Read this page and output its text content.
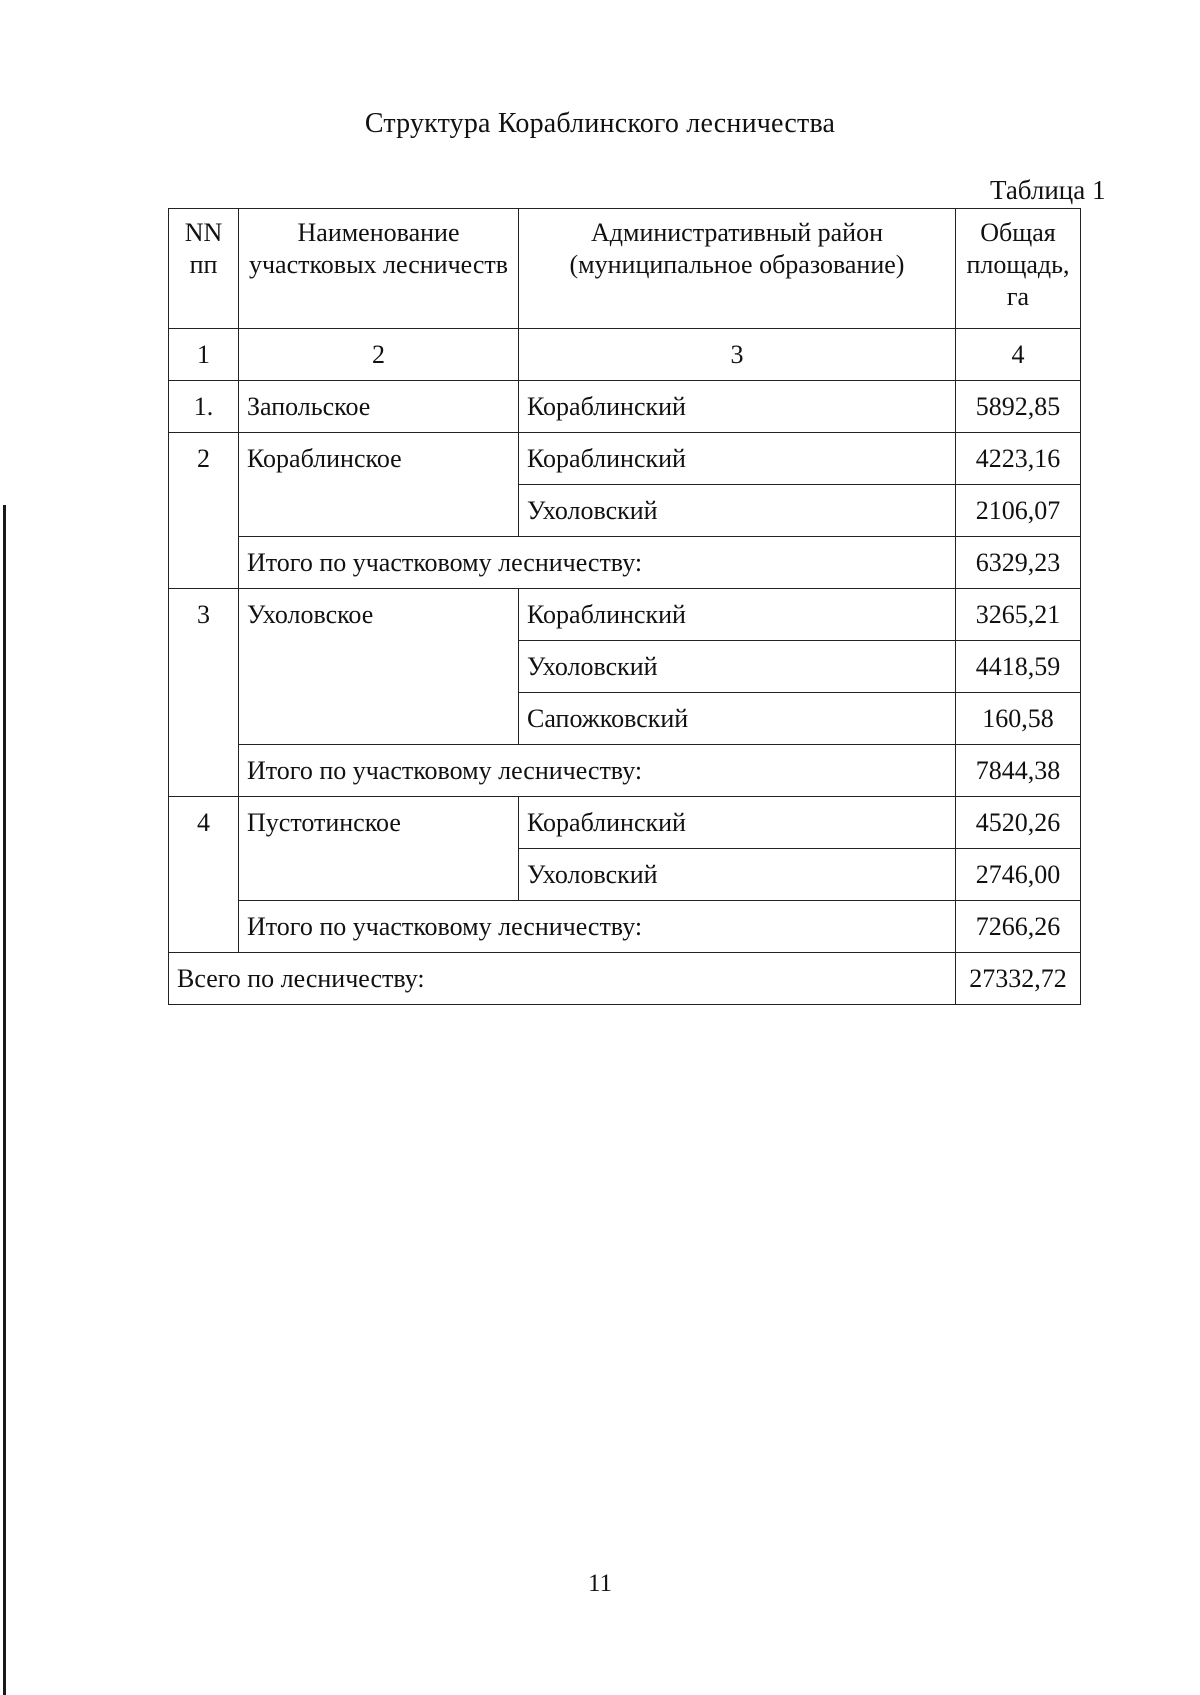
Структура Кораблинского лесничества
Таблица 1
NN пп	Наименование участковых лесничеств	Административный район (муниципальное образование)	Общая площадь, га
1	2	3	4
1.	Запольское	Кораблинский	5892,85
2	Кораблинское	Кораблинский	4223,16
		Ухоловский	2106,07
	Итого по участковому лесничеству:		6329,23
3	Ухоловское	Кораблинский	3265,21
		Ухоловский	4418,59
		Сапожковский	160,58
	Итого по участковому лесничеству:		7844,38
4	Пустотинское	Кораблинский	4520,26
		Ухоловский	2746,00
	Итого по участковому лесничеству:		7266,26
Всего по лесничеству:			27332,72
11
